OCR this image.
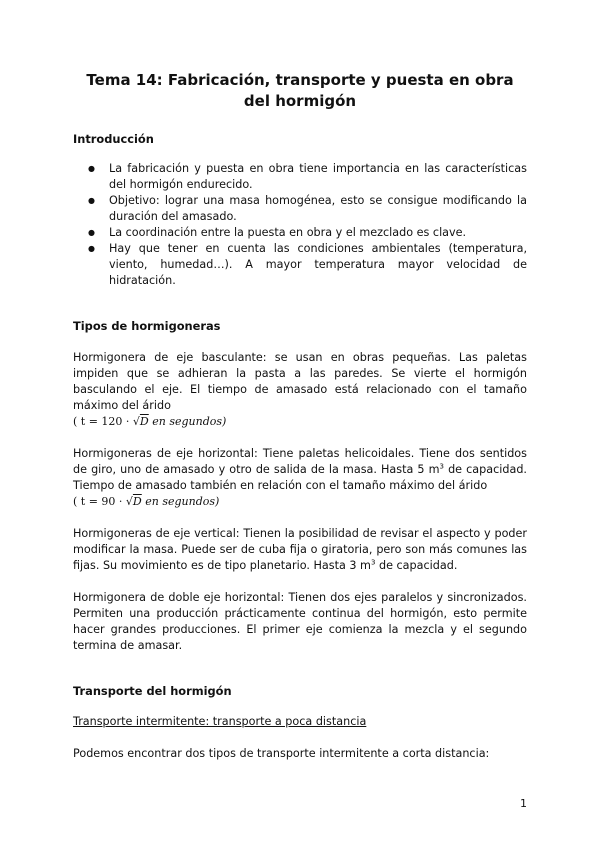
Tema 14: Fabricación, transporte y puesta en obra del hormigón
Introducción
● La fabricación y puesta en obra tiene importancia en las características del hormigón endurecido.
● Objetivo: lograr una masa homogénea, esto se consigue modificando la duración del amasado.
● La coordinación entre la puesta en obra y el mezclado es clave.
● Hay que tener en cuenta las condiciones ambientales (temperatura, viento, humedad…). A mayor temperatura mayor velocidad de hidratación.
Tipos de hormigoneras

Hormigonera de eje basculante: se usan en obras pequeñas. Las paletas impiden que se adhieran la pasta a las paredes. Se vierte el hormigón basculando el eje. El tiempo de amasado está relacionado con el tamaño máximo del árido
( t = 120 · √D en segundos)

Hormigoneras de eje horizontal: Tiene paletas helicoidales. Tiene dos sentidos de giro, uno de amasado y otro de salida de la masa. Hasta 5 $m^3$ de capacidad. Tiempo de amasado también en relación con el tamaño máximo del árido
( t = 90 · √D en segundos)

Hormigoneras de eje vertical: Tienen la posibilidad de revisar el aspecto y poder modificar la masa. Puede ser de cuba fija o giratoria, pero son más comunes las fijas. Su movimiento es de tipo planetario. Hasta 3 $m^3$ de capacidad.

Hormigonera de doble eje horizontal: Tienen dos ejes paralelos y sincronizados. Permiten una producción prácticamente continua del hormigón, esto permite hacer grandes producciones. El primer eje comienza la mezcla y el segundo termina de amasar.

Transporte del hormigón

Transporte intermitente: transporte a poca distancia

Podemos encontrar dos tipos de transporte intermitente a corta distancia:

1
